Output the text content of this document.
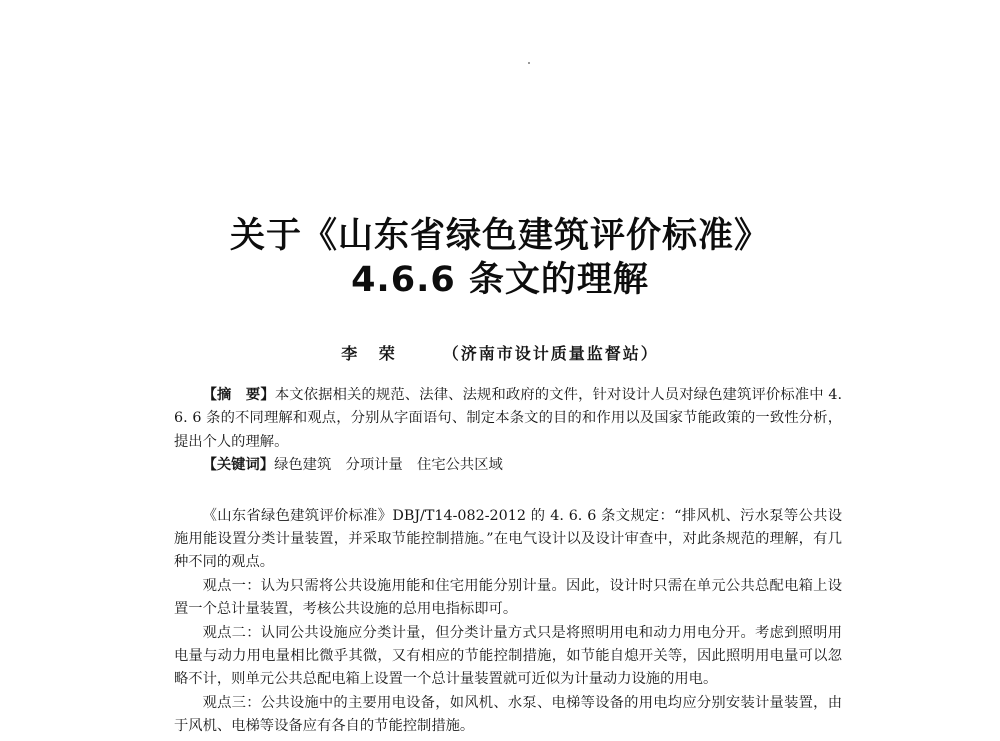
关于《山东省绿色建筑评价标准》
4.6.6 条文的理解
李 荣	（济南市设计质量监督站）

【摘　要】本文依据相关的规范、法律、法规和政府的文件，针对设计人员对绿色建筑评价标准中 4. 6. 6 条的不同理解和观点，分别从字面语句、制定本条文的目的和作用以及国家节能政策的一致性分析，提出个人的理解。

【关键词】绿色建筑　分项计量　住宅公共区域

《山东省绿色建筑评价标准》DBJ/T14-082-2012 的 4. 6. 6 条文规定：“排风机、污水泵等公共设施用能设置分类计量装置，并采取节能控制措施。”在电气设计以及设计审查中，对此条规范的理解，有几种不同的观点。

观点一：认为只需将公共设施用能和住宅用能分别计量。因此，设计时只需在单元公共总配电箱上设置一个总计量装置，考核公共设施的总用电指标即可。

观点二：认同公共设施应分类计量，但分类计量方式只是将照明用电和动力用电分开。考虑到照明用电量与动力用电量相比微乎其微，又有相应的节能控制措施，如节能自熄开关等，因此照明用电量可以忽略不计，则单元公共总配电箱上设置一个总计量装置就可近似为计量动力设施的用电。

观点三：公共设施中的主要用电设备，如风机、水泵、电梯等设备的用电均应分别安装计量装置，由于风机、电梯等设备应有各自的节能控制措施。
